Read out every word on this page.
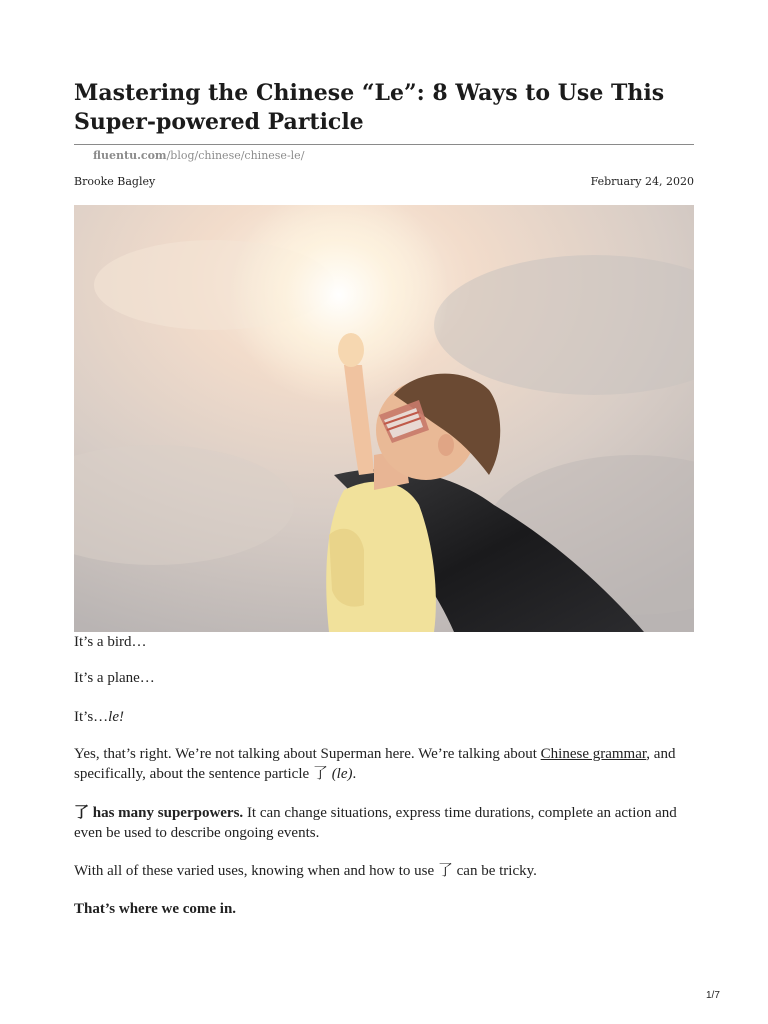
Mastering the Chinese “Le”: 8 Ways to Use This Super-powered Particle
fluentu.com/blog/chinese/chinese-le/
Brooke Bagley	February 24, 2020

It’s a bird…

It’s a plane…

It’s…le!

Yes, that’s right. We’re not talking about Superman here. We’re talking about Chinese grammar, and specifically, about the sentence particle 了 (le).

了 has many superpowers. It can change situations, express time durations, complete an action and even be used to describe ongoing events.

With all of these varied uses, knowing when and how to use 了 can be tricky.

That’s where we come in.

1/7
